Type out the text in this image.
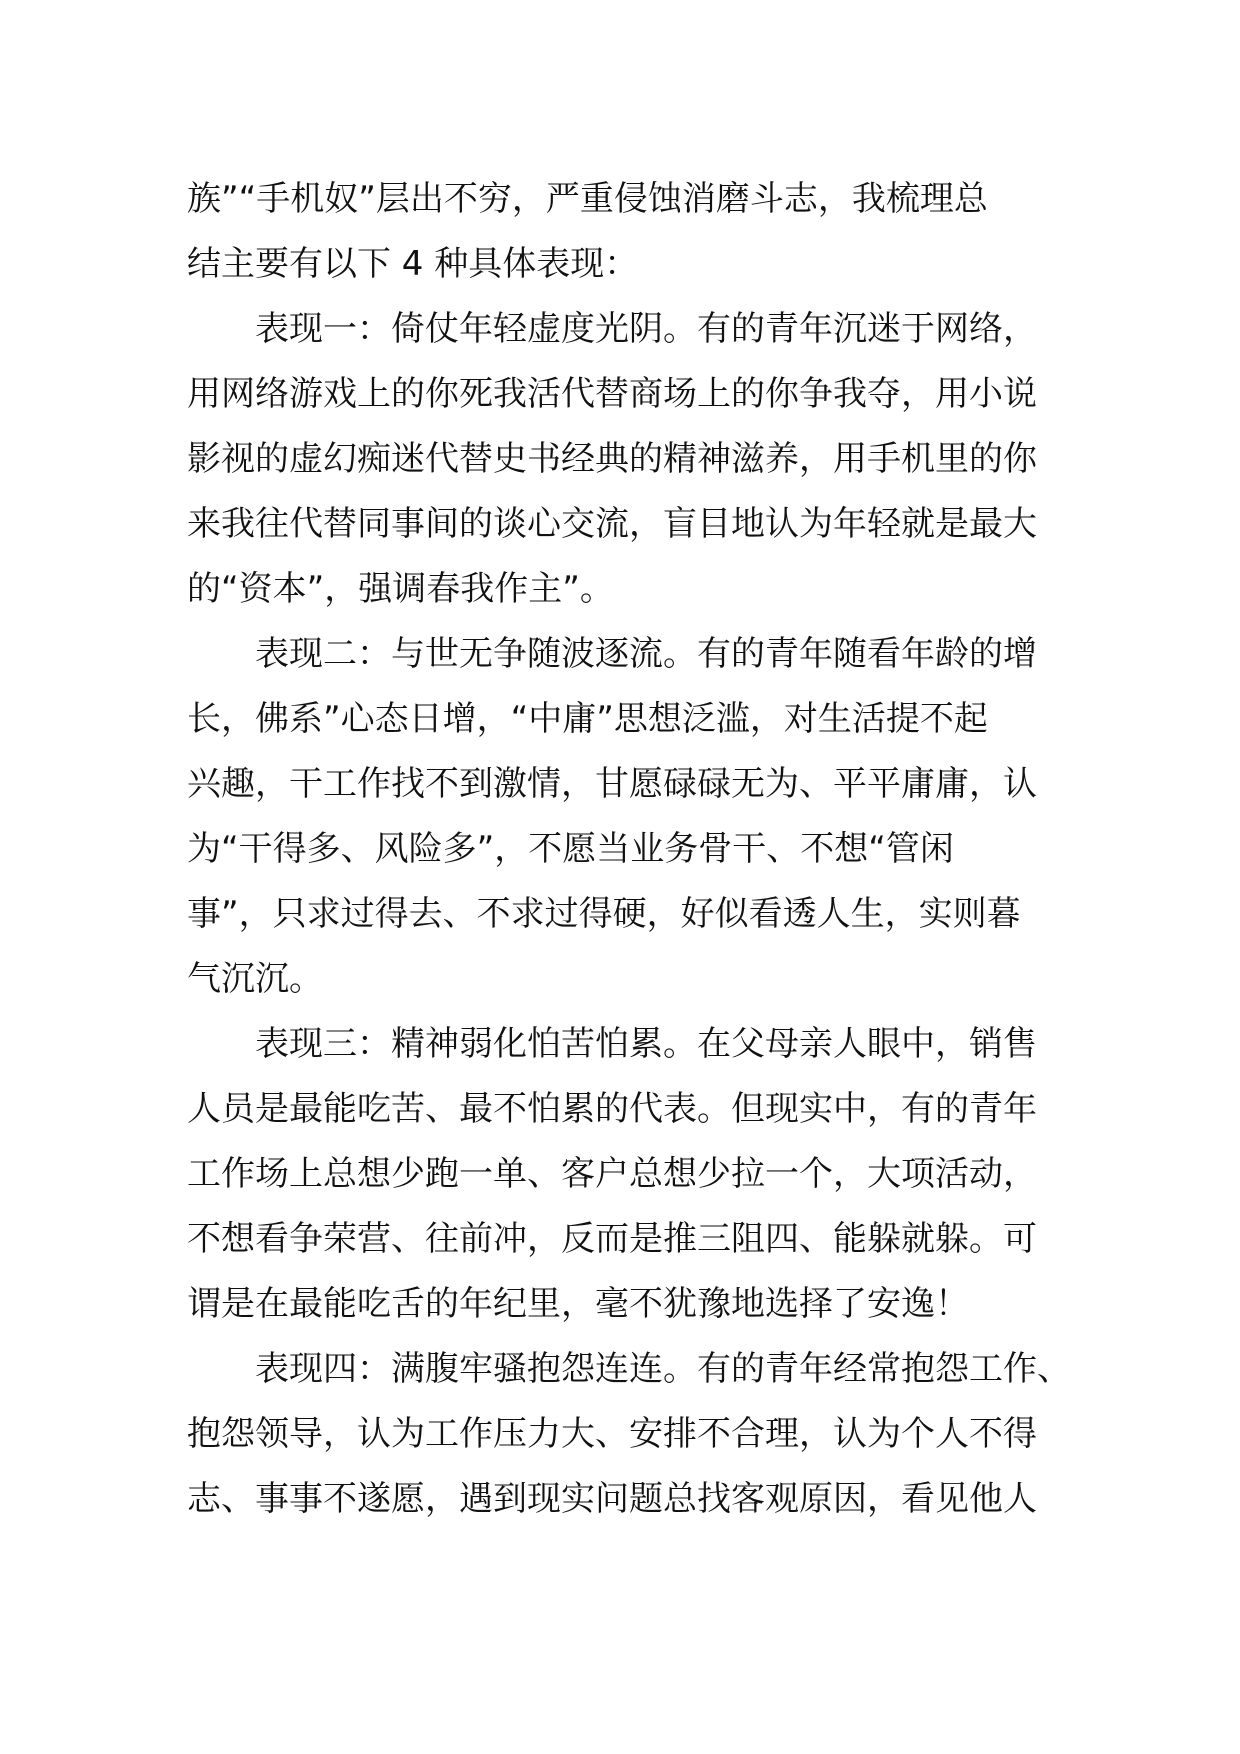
族”“手机奴”层出不穷，严重侵蚀消磨斗志，我梳理总
结主要有以下 4 种具体表现：
表现一：倚仗年轻虚度光阴。有的青年沉迷于网络，
用网络游戏上的你死我活代替商场上的你争我夺，用小说
影视的虚幻痴迷代替史书经典的精神滋养，用手机里的你
来我往代替同事间的谈心交流，盲目地认为年轻就是最大
的“资本”，强调春我作主”。
表现二：与世无争随波逐流。有的青年随看年龄的增
长，佛系”心态日增，“中庸”思想泛滥，对生活提不起
兴趣，干工作找不到激情，甘愿碌碌无为、平平庸庸，认
为“干得多、风险多”，不愿当业务骨干、不想“管闲
事”，只求过得去、不求过得硬，好似看透人生，实则暮
气沉沉。
表现三：精神弱化怕苦怕累。在父母亲人眼中，销售
人员是最能吃苦、最不怕累的代表。但现实中，有的青年
工作场上总想少跑一单、客户总想少拉一个，大项活动，
不想看争荣营、往前冲，反而是推三阻四、能躲就躲。可
谓是在最能吃舌的年纪里，毫不犹豫地选择了安逸！
表现四：满腹牢骚抱怨连连。有的青年经常抱怨工作、
抱怨领导，认为工作压力大、安排不合理，认为个人不得
志、事事不遂愿，遇到现实问题总找客观原因，看见他人
